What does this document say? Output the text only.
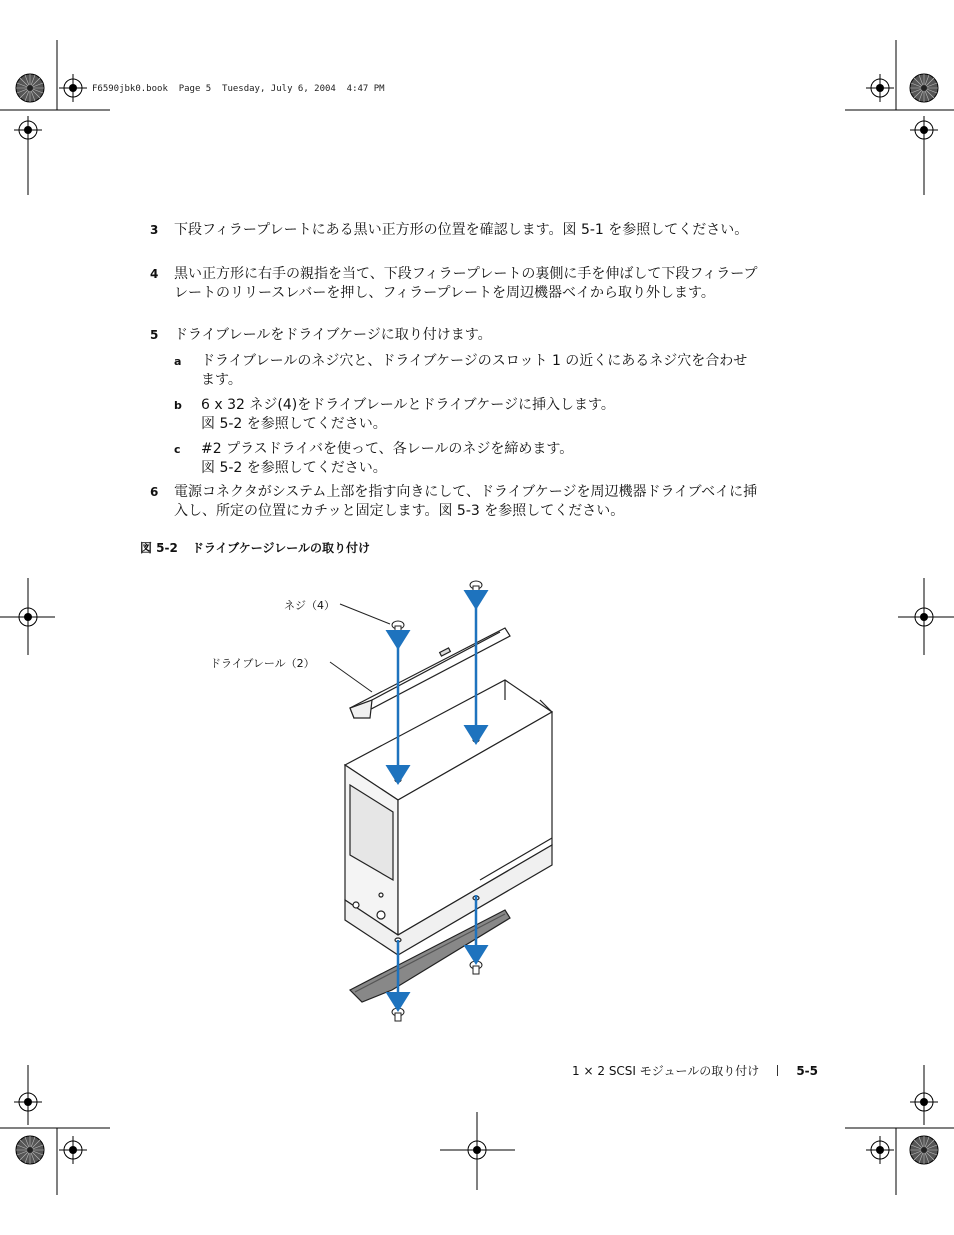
F6590jbk0.book  Page 5  Tuesday, July 6, 2004  4:47 PM
3 下段フィラープレートにある黒い正方形の位置を確認します。図 5-1 を参照してください。
4 黒い正方形に右手の親指を当て、下段フィラープレートの裏側に手を伸ばして下段フィラープレートのリリースレバーを押し、フィラープレートを周辺機器ベイから取り外します。
5 ドライブレールをドライブケージに取り付けます。
a ドライブレールのネジ穴と、ドライブケージのスロット 1 の近くにあるネジ穴を合わせます。
b 6 x 32 ネジ(4)をドライブレールとドライブケージに挿入します。
図 5-2 を参照してください。
c #2 プラスドライバを使って、各レールのネジを締めます。
図 5-2 を参照してください。
6 電源コネクタがシステム上部を指す向きにして、ドライブケージを周辺機器ドライブベイに挿入し、所定の位置にカチッと固定します。図 5-3 を参照してください。
図 5-2 ドライブケージレールの取り付け
ネジ（4）
ドライブレール（2）
1 × 2 SCSI モジュールの取り付け	5-5
